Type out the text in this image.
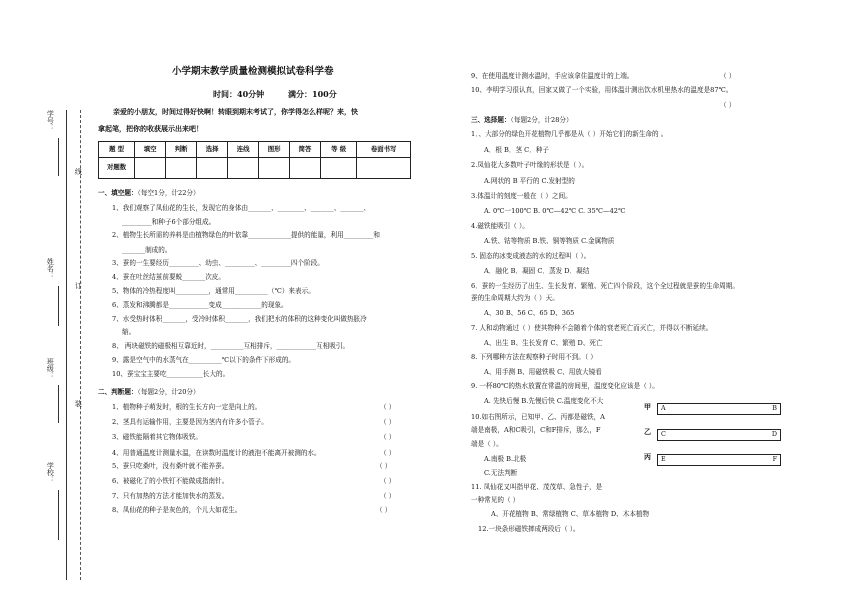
学号：
线
姓名：
订
班级：
装
学校：
小学期末教学质量检测模拟试卷科学卷
时间：40分钟	满分：100分
亲爱的小朋友，时间过得好快啊！转眼到期末考试了，你学得怎么样呢？来，快
拿起笔，把你的收获展示出来吧！
题 型	填空	判断	选择	连线	图形	简答	等 级	卷面书写
对题数								
一、填空题：（每空1分，计22分）
1、我们观察了凤仙花的生长，发现它的身体由_______、________、_______、_______、
_________和种子6个部分组成。
2、植物生长所需的养料是由植物绿色的叶依靠_____________提供的能量，利用_________和
_______制成的。
3、蚕的一生要经历_________、幼虫、_________、_________四个阶段。
4、蚕在吐丝结茧前要蜕_______次皮。
5、物体的冷热程度叫__________，通常用__________（℃）来表示。
6、蒸发和沸腾都是____________变成____________的现象。
7、水受热时体积_______，受冷时体积_______，我们把水的体积的这种变化叫做热胀冷
缩。
8、 两块磁铁的磁极相互靠近时，__________互相排斥，____________互相吸引。
9、露是空气中的水蒸气在__________℃以下的条件下形成的。
10、蚕宝宝主要吃___________长大的。
二、判断题：（每题2分，计20分）
1、植物种子萌发时，根的生长方向一定是向上的。	（ ）
2、茎具有运输作用，主要是因为茎内有许多小管子。	（ ）
3、磁铁能隔着其它物体吸铁。	（ ）
4、用普通温度计测量水温，在读数时温度计的液泡不能离开被测的水。	（ ）
5、蚕只吃桑叶，没有桑叶就不能养蚕。	（ ）
6、被磁化了的小铁钉不能做成指南针。	（ ）
7、只有加热的方法才能加快水的蒸发。	（ ）
8、凤仙花的种子是灰色的，个儿大如花生。	（ ）
9、在使用温度计测水温时，手应该拿住温度计的上端。	（ ）
10、李明学习很认真，回家又做了一个实验，用体温计测出饮水机里热水的温度是87℃。
（ ）
三、选择题：（每题2分，计28分）
1．、大部分的绿色开花植物几乎都是从（ ）开始它们的新生命的 。
A．根 B．茎 C．种子
2.凤仙花大多数叶子叶缘的形状是（ ）。
A.网状的 B 平行的 C.发射型的
3.体温计的刻度一般在（ ）之间。
A. 0℃一100℃ B. 0℃—42℃ C. 35℃—42℃
4.磁铁能吸引（ ）。
A.铁、钴等物质 B.铁、铜等物质 C.金属物质
5. 固态的冰变成液态的水的过程叫（ ）。
A．融化 B．凝固 C．蒸发 D．凝结
6．蚕的一生经历了出生、生长发育、繁殖、死亡四个阶段，这个全过程就是蚕的生命周期。
蚕的生命周期大约为（ ）天。
A、30 B、56 C、65 D、365
7. 人和动物通过（ ）使其物种不会随着个体的衰老死亡而灭亡，并得以不断延续。
A、出生 B、生长发育 C、繁殖 D、死亡
8. 下列哪种方法在观察种子时用不到。（ ）
A、用手测 B、用磁铁吸 C、用放大镜看
9. 一杯80℃的热水放置在常温的房间里，温度变化应该是（ ）。
A. 先快后慢 B.先慢后快 C.温度变化不大
10.如右图所示，已知甲、乙、丙都是磁铁，A
端是南极，A和C吸引，C和F排斥，那么，F
端是（ ）。
A.南极 B.北极
C.无法判断
11. 凤仙花又叫指甲花、茂茂草、急性子，是
一种常见的（ ）
A、开花植物 B、常绿植物 C、草本植物 D、木本植物
12.一块条形磁铁摔成两段后（ ）。
甲 A	B
乙 C	D
丙 E	F
